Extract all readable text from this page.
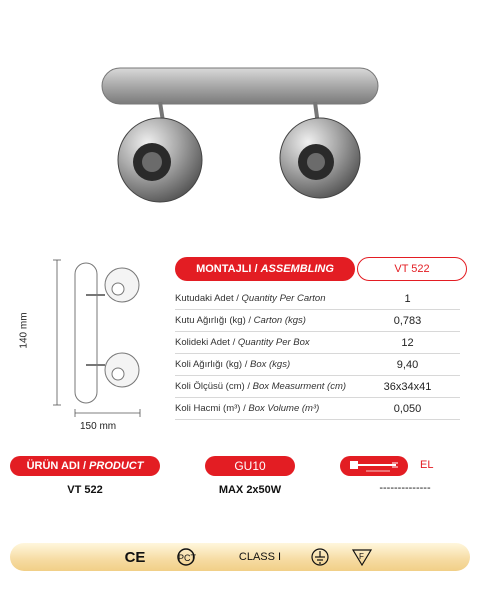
140 mm
150 mm
MONTAJLI / ASSEMBLING	VT 522
Kutudaki Adet / Quantity Per Carton	1
Kutu Ağırlığı (kg) / Carton (kgs)	0,783
Kolideki Adet / Quantity Per Box	12
Koli Ağırlığı (kg) / Box (kgs)	9,40
Koli Ölçüsü (cm) / Box Measurment (cm)	36x34x41
Koli Hacmi (m³) / Box Volume (m³)	0,050
ÜRÜN ADI / PRODUCT	GU10	EL
VT 522	MAX 2x50W	--------------
CE	PCT	CLASS I	F
